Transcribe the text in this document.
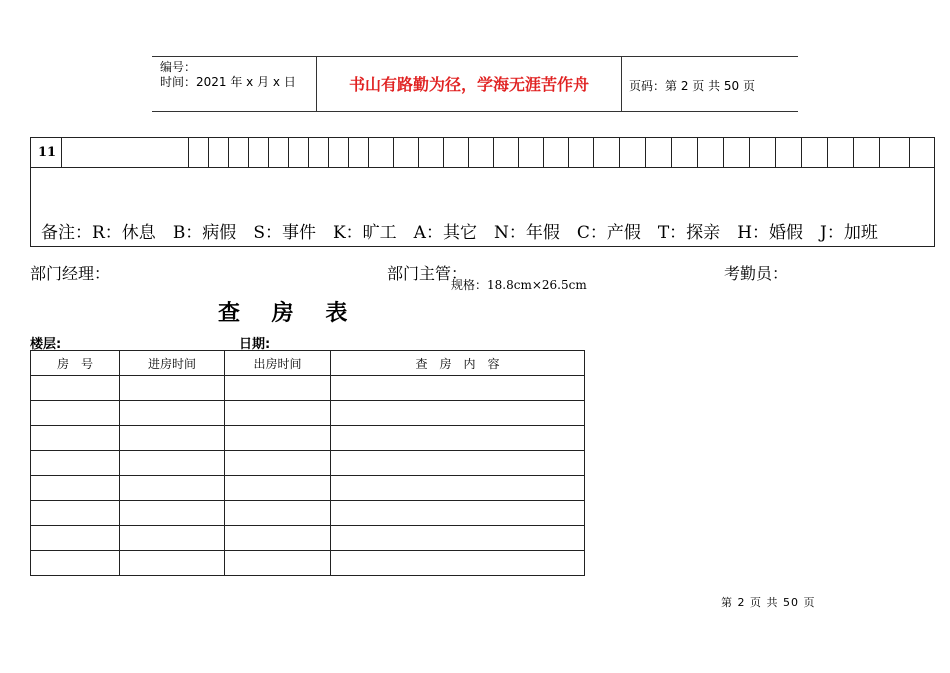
编号：
时间：2021 年 x 月 x 日	书山有路勤为径，学海无涯苦作舟	页码：第 2 页 共 50 页
11
备注：R：休息 B：病假 S：事件 K：旷工 A：其它 N：年假 C：产假 T：探亲 H：婚假 J：加班
部门经理：	部门主管：	考勤员：
规格：18.8cm×26.5cm
查 房 表
楼层:	日期:
房　号	进房时间	出房时间	查　房　内　容

第 2 页 共 50 页
